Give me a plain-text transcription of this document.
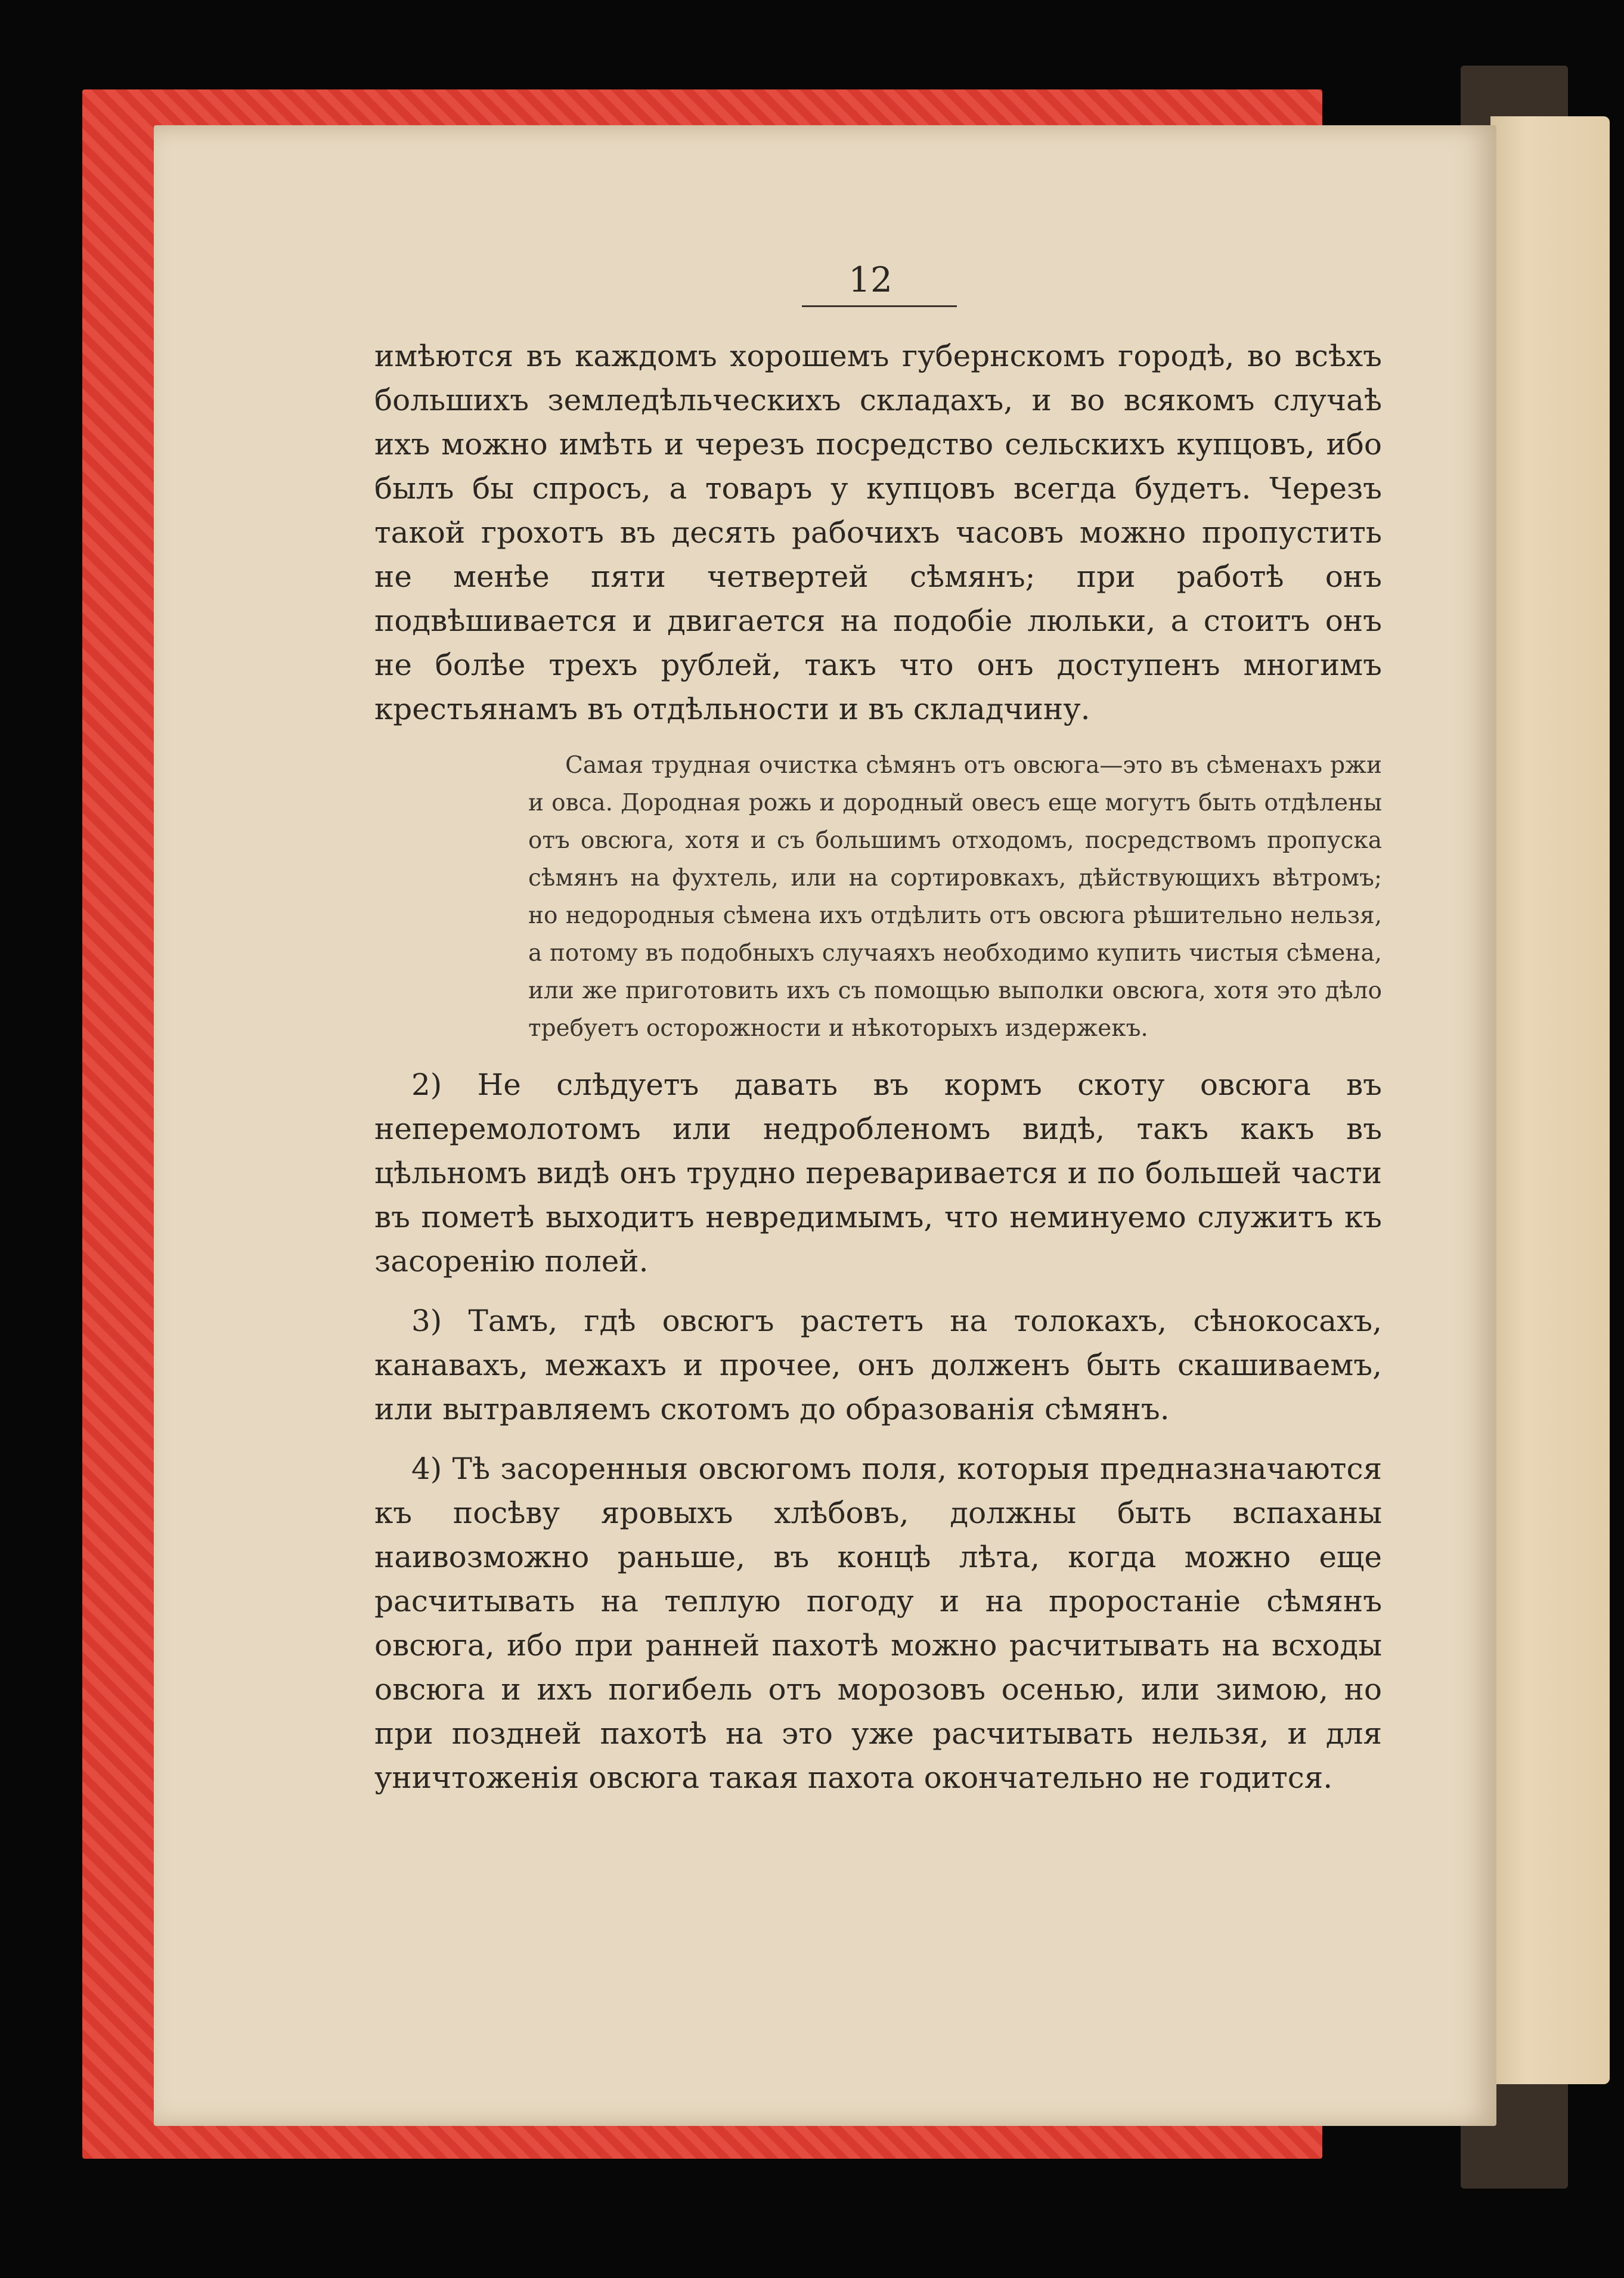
12

имѣются въ каждомъ хорошемъ губернскомъ городѣ, во всѣхъ большихъ земледѣльческихъ складахъ, и во всякомъ случаѣ ихъ можно имѣть и черезъ посредство сельскихъ купцовъ, ибо былъ бы спросъ, а товаръ у купцовъ всегда будетъ. Черезъ такой грохотъ въ десять рабочихъ часовъ можно пропустить не менѣе пяти четвертей сѣмянъ; при работѣ онъ подвѣшивается и двигается на подобіе люльки, а стоитъ онъ не болѣе трехъ рублей, такъ что онъ доступенъ многимъ крестьянамъ въ отдѣльности и въ складчину.

Самая трудная очистка сѣмянъ отъ овсюга—это въ сѣменахъ ржи и овса. Дородная рожь и дородный овесъ еще могутъ быть отдѣлены отъ овсюга, хотя и съ большимъ отходомъ, посредствомъ пропуска сѣмянъ на фухтель, или на сортировкахъ, дѣйствующихъ вѣтромъ; но недородныя сѣмена ихъ отдѣлить отъ овсюга рѣшительно нельзя, а потому въ подобныхъ случаяхъ необходимо купить чистыя сѣмена, или же приготовить ихъ съ помощью выполки овсюга, хотя это дѣло требуетъ осторожности и нѣкоторыхъ издержекъ.

2) Не слѣдуетъ давать въ кормъ скоту овсюга въ неперемолотомъ или недробленомъ видѣ, такъ какъ въ цѣльномъ видѣ онъ трудно переваривается и по большей части въ пометѣ выходитъ невредимымъ, что неминуемо служитъ къ засоренію полей.

3) Тамъ, гдѣ овсюгъ растетъ на толокахъ, сѣнокосахъ, канавахъ, межахъ и прочее, онъ долженъ быть скашиваемъ, или вытравляемъ скотомъ до образованія сѣмянъ.

4) Тѣ засоренныя овсюгомъ поля, которыя предназначаются къ посѣву яровыхъ хлѣбовъ, должны быть вспаханы наивозможно раньше, въ концѣ лѣта, когда можно еще расчитывать на теплую погоду и на проростаніе сѣмянъ овсюга, ибо при ранней пахотѣ можно расчитывать на всходы овсюга и ихъ погибель отъ морозовъ осенью, или зимою, но при поздней пахотѣ на это уже расчитывать нельзя, и для уничтоженія овсюга такая пахота окончательно не годится.
